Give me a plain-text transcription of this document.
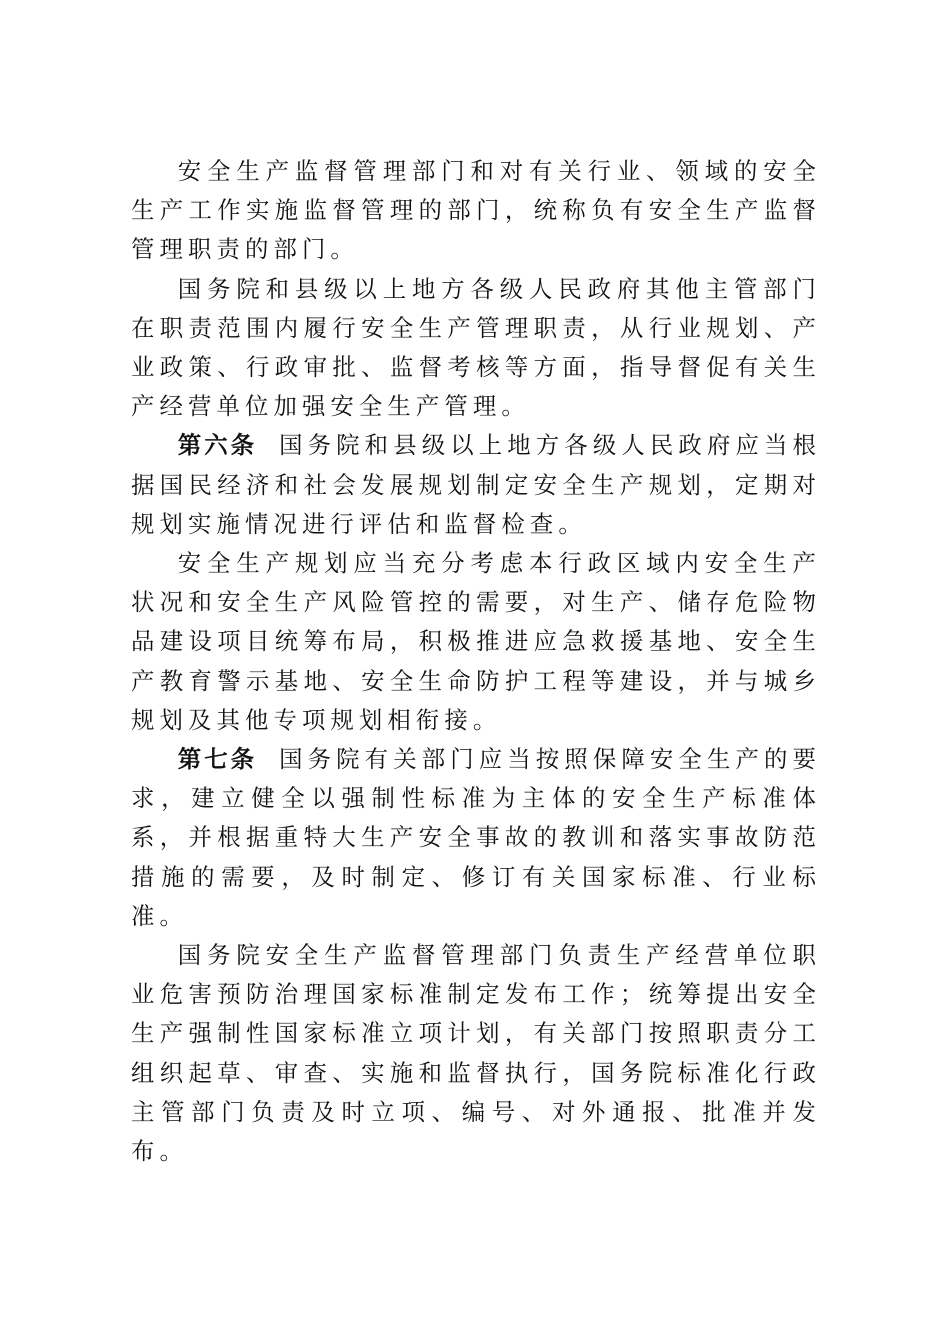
安全生产监督管理部门和对有关行业、领域的安全生产工作实施监督管理的部门，统称负有安全生产监督管理职责的部门。

国务院和县级以上地方各级人民政府其他主管部门在职责范围内履行安全生产管理职责，从行业规划、产业政策、行政审批、监督考核等方面，指导督促有关生产经营单位加强安全生产管理。

第六条 国务院和县级以上地方各级人民政府应当根据国民经济和社会发展规划制定安全生产规划，定期对规划实施情况进行评估和监督检查。

安全生产规划应当充分考虑本行政区域内安全生产状况和安全生产风险管控的需要，对生产、储存危险物品建设项目统筹布局，积极推进应急救援基地、安全生产教育警示基地、安全生命防护工程等建设，并与城乡规划及其他专项规划相衔接。

第七条 国务院有关部门应当按照保障安全生产的要求，建立健全以强制性标准为主体的安全生产标准体系，并根据重特大生产安全事故的教训和落实事故防范措施的需要，及时制定、修订有关国家标准、行业标准。

国务院安全生产监督管理部门负责生产经营单位职业危害预防治理国家标准制定发布工作；统筹提出安全生产强制性国家标准立项计划，有关部门按照职责分工组织起草、审查、实施和监督执行，国务院标准化行政主管部门负责及时立项、编号、对外通报、批准并发布。
